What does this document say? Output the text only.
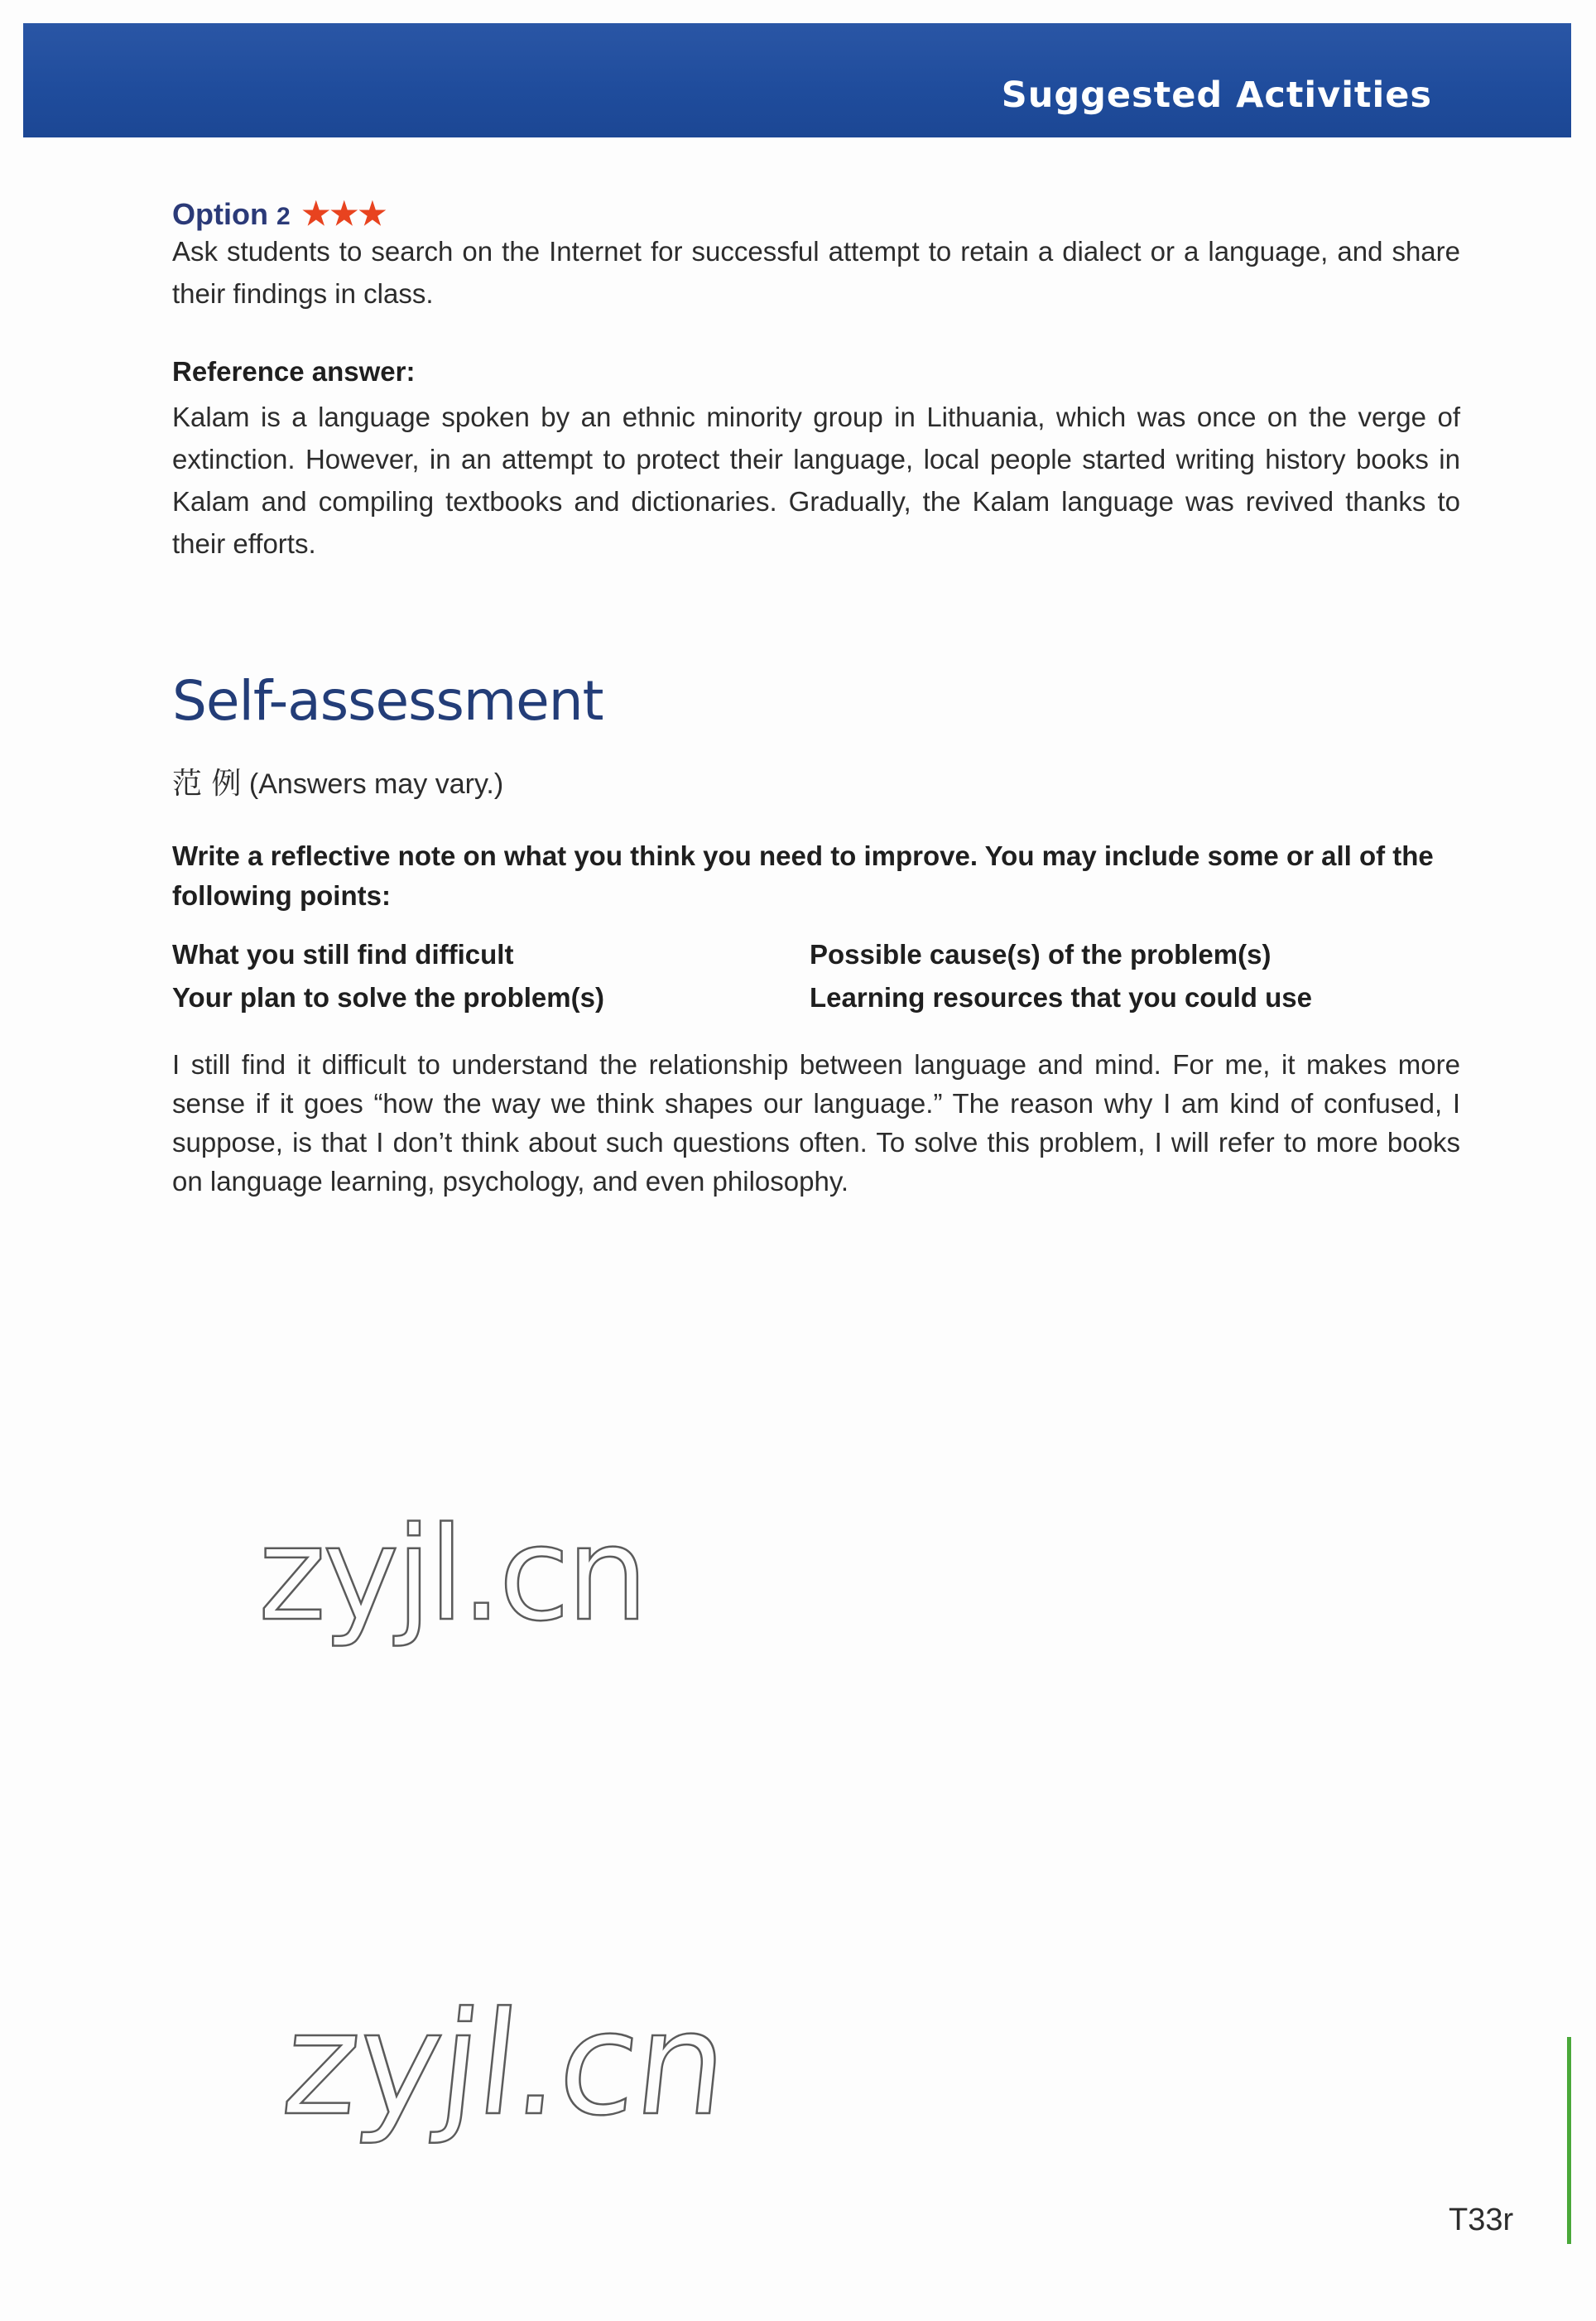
Suggested Activities
Option 2 ★★★
Ask students to search on the Internet for successful attempt to retain a dialect or a language, and share their findings in class.
Reference answer:
Kalam is a language spoken by an ethnic minority group in Lithuania, which was once on the verge of extinction. However, in an attempt to protect their language, local people started writing history books in Kalam and compiling textbooks and dictionaries. Gradually, the Kalam language was revived thanks to their efforts.
Self-assessment
范 例 (Answers may vary.)
Write a reflective note on what you think you need to improve. You may include some or all of the following points:
What you still find difficult	Possible cause(s) of the problem(s)
Your plan to solve the problem(s)	Learning resources that you could use
I still find it difficult to understand the relationship between language and mind. For me, it makes more sense if it goes “how the way we think shapes our language.” The reason why I am kind of confused, I suppose, is that I don’t think about such questions often. To solve this problem, I will refer to more books on language learning, psychology, and even philosophy.
zyjl.cn
zyjl.cn
T33r
